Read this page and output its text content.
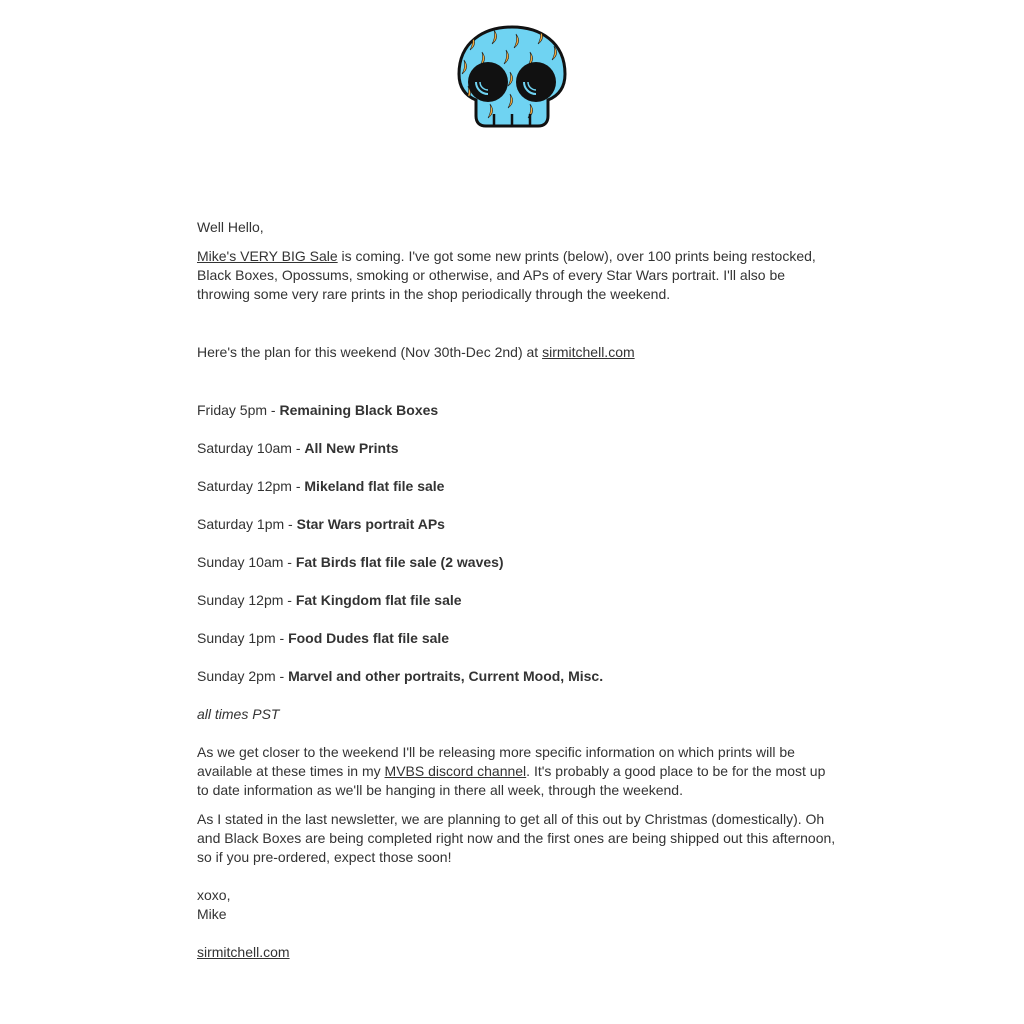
Well Hello,

Mike's VERY BIG Sale is coming. I've got some new prints (below), over 100 prints being restocked, Black Boxes, Opossums, smoking or otherwise, and APs of every Star Wars portrait. I'll also be throwing some very rare prints in the shop periodically through the weekend.

Here's the plan for this weekend (Nov 30th-Dec 2nd) at sirmitchell.com

Friday 5pm - Remaining Black Boxes

Saturday 10am - All New Prints

Saturday 12pm - Mikeland flat file sale

Saturday 1pm - Star Wars portrait APs

Sunday 10am - Fat Birds flat file sale (2 waves)

Sunday 12pm - Fat Kingdom flat file sale

Sunday 1pm - Food Dudes flat file sale

Sunday 2pm - Marvel and other portraits, Current Mood, Misc.

all times PST

As we get closer to the weekend I'll be releasing more specific information on which prints will be available at these times in my MVBS discord channel. It's probably a good place to be for the most up to date information as we'll be hanging in there all week, through the weekend.

As I stated in the last newsletter, we are planning to get all of this out by Christmas (domestically). Oh and Black Boxes are being completed right now and the first ones are being shipped out this afternoon, so if you pre-ordered, expect those soon!

xoxo,

Mike

sirmitchell.com
